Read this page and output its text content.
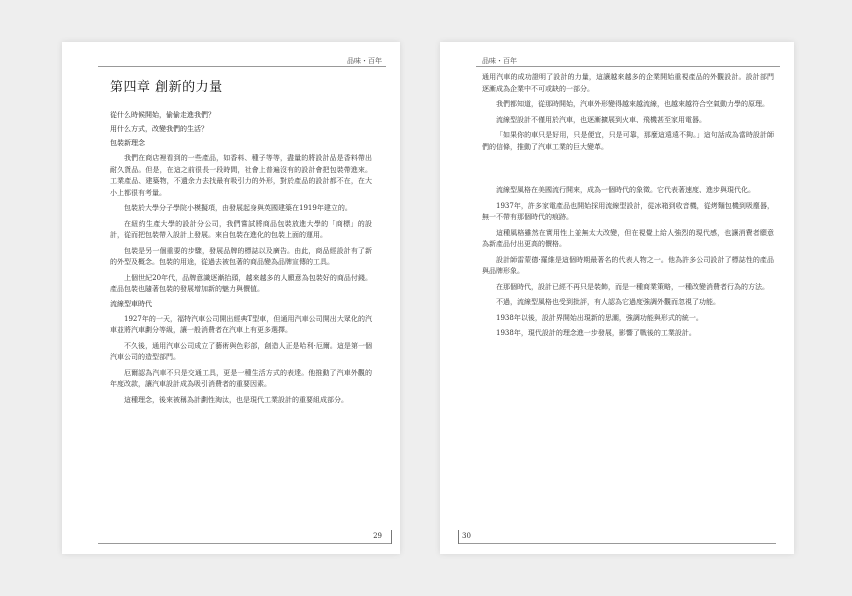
品味・百年
第四章 創新的力量
從什么時候開始，偷偷走進我們？
用什么方式，改變我們的生活？
包裝新理念

我們在商店裡看到的一些產品，如香料、種子等等，盡量的將設計品是香料帶出耐久貨品。但是，在這之前很長一段時間，社會上普遍沒有的設計會把包裝帶進來。工業產品、建築物，不遺余力去找最有吸引力的外形，對於產品的設計都不在，在大小上都很有考量。

包裝於大學分子學院小模擬項，由發展起身與英國建築在1919年建立的。

在紐約生產大學的設計分公司，我們嘗試將商品包裝放進大學的「商標」的設計，從而把包裝帶入設計上發展。來自包裝在進化的包裝上面的運用。

包裝是另一個重要的步驟，發展品牌的標誌以及廣告。由此，商品經設計有了新的外型及概念。包裝的用途，從過去被包著的商品變為品牌宣傳的工具。

上個世紀20年代，品牌意識逐漸抬頭，越來越多的人願意為包裝好的商品付錢。產品包裝也隨著包裝的發展增加新的魅力與價值。

流線型車時代

1927年的一天，福特汽車公司開出經典T型車，但通用汽車公司開出大眾化的汽車並將汽車劃分等級，讓一般消費者在汽車上有更多選擇。

不久後，通用汽車公司成立了藝術與色彩部，創造人正是哈利·厄爾。這是第一個汽車公司的造型部門。

厄爾認為汽車不只是交通工具，更是一種生活方式的表達。他推動了汽車外觀的年度改款，讓汽車設計成為吸引消費者的重要因素。

這種理念，後來被稱為計劃性淘汰，也是現代工業設計的重要組成部分。

29
品味・百年

通用汽車的成功證明了設計的力量，這讓越來越多的企業開始重視產品的外觀設計。設計部門逐漸成為企業中不可或缺的一部分。

我們都知道，從那時開始，汽車外形變得越來越流線，也越來越符合空氣動力學的原理。

流線型設計不僅用於汽車，也逐漸擴展到火車、飛機甚至家用電器。

「如果你的車只是好用，只是便宜，只是可靠，那麼這遠遠不夠。」這句話成為當時設計師們的信條，推動了汽車工業的巨大變革。

流線型風格在美國流行開來，成為一個時代的象徵。它代表著速度、進步與現代化。

1937年，許多家電產品也開始採用流線型設計，從冰箱到收音機，從烤麵包機到吸塵器，無一不帶有那個時代的痕跡。

這種風格雖然在實用性上並無太大改變，但在視覺上給人強烈的現代感，也讓消費者願意為新產品付出更高的價格。

設計師雷蒙德·羅維是這個時期最著名的代表人物之一。他為許多公司設計了標誌性的產品與品牌形象。

在那個時代，設計已經不再只是裝飾，而是一種商業策略，一種改變消費者行為的方法。

不過，流線型風格也受到批評，有人認為它過度強調外觀而忽視了功能。

1938年以後，設計界開始出現新的思潮，強調功能與形式的統一。

1938年，現代設計的理念進一步發展，影響了戰後的工業設計。

30
